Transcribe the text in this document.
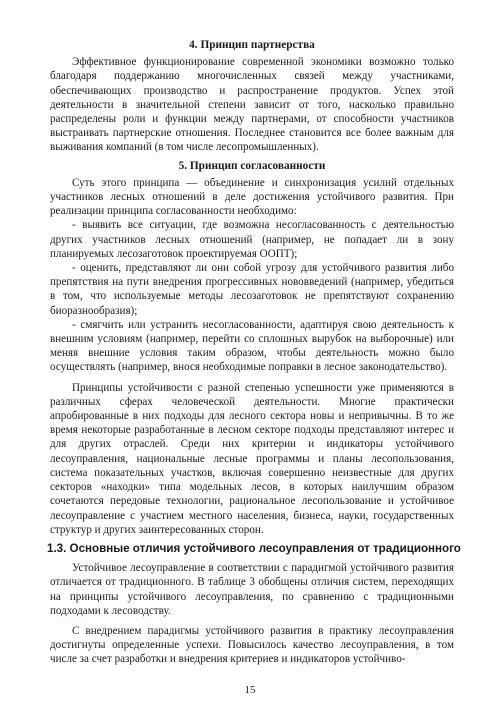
4. Принцип партнерства

Эффективное функционирование современной экономики возможно только благодаря поддержанию многочисленных связей между участниками, обеспечивающих производство и распространение продуктов. Успех этой деятельности в значительной степени зависит от того, насколько правильно распределены роли и функции между партнерами, от способности участников выстраивать партнерские отношения. Последнее становится все более важным для выживания компаний (в том числе лесопромышленных).

5. Принцип согласованности

Суть этого принципа — объединение и синхронизация усилий отдельных участников лесных отношений в деле достижения устойчивого развития. При реализации принципа согласованности необходимо:

- выявить все ситуации, где возможна несогласованность с деятельностью других участников лесных отношений (например, не попадает ли в зону планируемых лесозаготовок проектируемая ООПТ);

- оценить, представляют ли они собой угрозу для устойчивого развития либо препятствия на пути внедрения прогрессивных нововведений (например, убедиться в том, что используемые методы лесозаготовок не препятствуют сохранению биоразнообразия);

- смягчить или устранить несогласованности, адаптируя свою деятельность к внешним условиям (например, перейти со сплошных вырубок на выборочные) или меняя внешние условия таким образом, чтобы деятельность можно было осуществлять (например, внося необходимые поправки в лесное законодательство).

Принципы устойчивости с разной степенью успешности уже применяются в различных сферах человеческой деятельности. Многие практически апробированные в них подходы для лесного сектора новы и непривычны. В то же время некоторые разработанные в лесном секторе подходы представляют интерес и для других отраслей. Среди них критерии и индикаторы устойчивого лесоуправления, национальные лесные программы и планы лесопользования, система показательных участков, включая совершенно неизвестные для других секторов «находки» типа модельных лесов, в которых наилучшим образом сочетаются передовые технологии, рациональное лесопользование и устойчивое лесоуправление с участием местного населения, бизнеса, науки, государственных структур и других заинтересованных сторон.

1.3. Основные отличия устойчивого лесоуправления от традиционного

Устойчивое лесоуправление в соответствии с парадигмой устойчивого развития отличается от традиционного. В таблице 3 обобщены отличия систем, переходящих на принципы устойчивого лесоуправления, по сравнению с традиционными подходами к лесоводству.

С внедрением парадигмы устойчивого развития в практику лесоуправления достигнуты определенные успехи. Повысилось качество лесоуправления, в том числе за счет разработки и внедрения критериев и индикаторов устойчиво-

15
